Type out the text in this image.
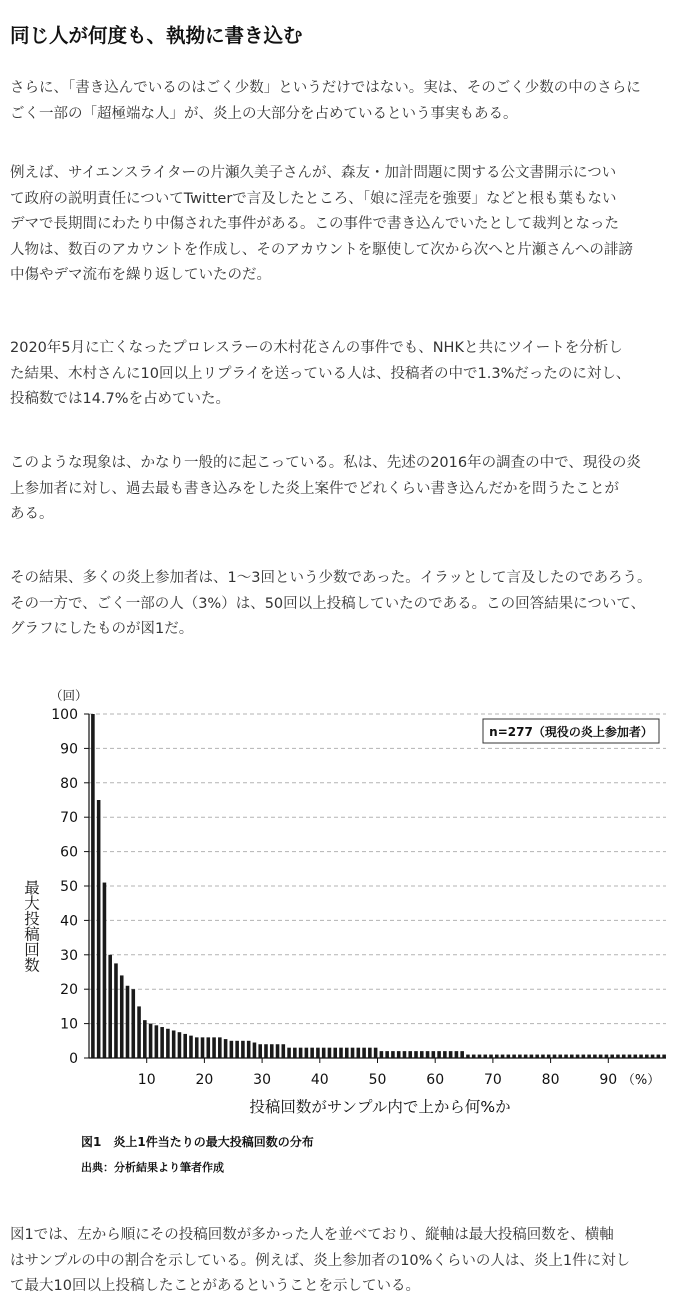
同じ人が何度も、執拗に書き込む
さらに、「書き込んでいるのはごく少数」というだけではない。実は、そのごく少数の中のさらに
ごく一部の「超極端な人」が、炎上の大部分を占めているという事実もある。
例えば、サイエンスライターの片瀬久美子さんが、森友・加計問題に関する公文書開示につい
て政府の説明責任についてTwitterで言及したところ、「娘に淫売を強要」などと根も葉もない
デマで長期間にわたり中傷された事件がある。この事件で書き込んでいたとして裁判となった
人物は、数百のアカウントを作成し、そのアカウントを駆使して次から次へと片瀬さんへの誹謗
中傷やデマ流布を繰り返していたのだ。
2020年5月に亡くなったプロレスラーの木村花さんの事件でも、NHKと共にツイートを分析し
た結果、木村さんに10回以上リプライを送っている人は、投稿者の中で1.3%だったのに対し、
投稿数では14.7%を占めていた。
このような現象は、かなり一般的に起こっている。私は、先述の2016年の調査の中で、現役の炎
上参加者に対し、過去最も書き込みをした炎上案件でどれくらい書き込んだかを問うたことが
ある。
その結果、多くの炎上参加者は、1～3回という少数であった。イラッとして言及したのであろう。
その一方で、ごく一部の人（3%）は、50回以上投稿していたのである。この回答結果について、
グラフにしたものが図1だ。
0
10
20
30
40
50
60
70
80
90
100
10	20	30	40	50	60	70	80	90
（回）
（%）
最大投稿回数
投稿回数がサンプル内で上から何%か
n=277（現役の炎上参加者）
図1　炎上1件当たりの最大投稿回数の分布
出典：分析結果より筆者作成
図1では、左から順にその投稿回数が多かった人を並べており、縦軸は最大投稿回数を、横軸
はサンプルの中の割合を示している。例えば、炎上参加者の10%くらいの人は、炎上1件に対し
て最大10回以上投稿したことがあるということを示している。
